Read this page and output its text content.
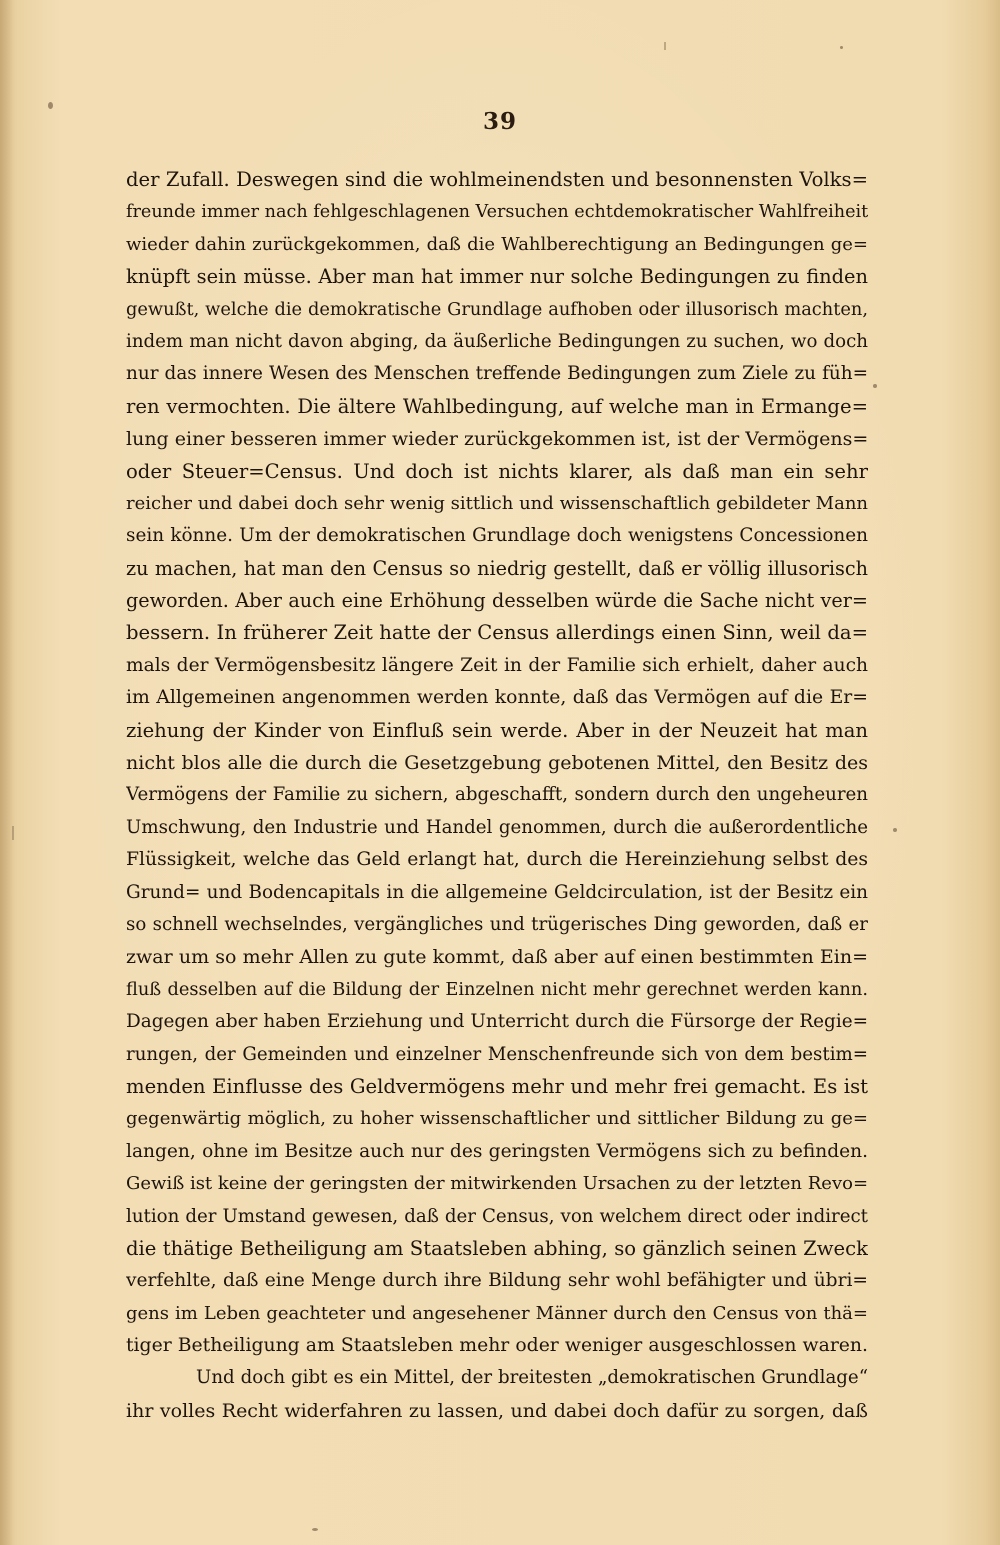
39
der Zufall. Deswegen sind die wohlmeinendsten und besonnensten Volks=
freunde immer nach fehlgeschlagenen Versuchen echtdemokratischer Wahlfreiheit
wieder dahin zurückgekommen, daß die Wahlberechtigung an Bedingungen ge=
knüpft sein müsse. Aber man hat immer nur solche Bedingungen zu finden
gewußt, welche die demokratische Grundlage aufhoben oder illusorisch machten,
indem man nicht davon abging, da äußerliche Bedingungen zu suchen, wo doch
nur das innere Wesen des Menschen treffende Bedingungen zum Ziele zu füh=
ren vermochten. Die ältere Wahlbedingung, auf welche man in Ermange=
lung einer besseren immer wieder zurückgekommen ist, ist der Vermögens=
oder Steuer=Census. Und doch ist nichts klarer, als daß man ein sehr
reicher und dabei doch sehr wenig sittlich und wissenschaftlich gebildeter Mann
sein könne. Um der demokratischen Grundlage doch wenigstens Concessionen
zu machen, hat man den Census so niedrig gestellt, daß er völlig illusorisch
geworden. Aber auch eine Erhöhung desselben würde die Sache nicht ver=
bessern. In früherer Zeit hatte der Census allerdings einen Sinn, weil da=
mals der Vermögensbesitz längere Zeit in der Familie sich erhielt, daher auch
im Allgemeinen angenommen werden konnte, daß das Vermögen auf die Er=
ziehung der Kinder von Einfluß sein werde. Aber in der Neuzeit hat man
nicht blos alle die durch die Gesetzgebung gebotenen Mittel, den Besitz des
Vermögens der Familie zu sichern, abgeschafft, sondern durch den ungeheuren
Umschwung, den Industrie und Handel genommen, durch die außerordentliche
Flüssigkeit, welche das Geld erlangt hat, durch die Hereinziehung selbst des
Grund= und Bodencapitals in die allgemeine Geldcirculation, ist der Besitz ein
so schnell wechselndes, vergängliches und trügerisches Ding geworden, daß er
zwar um so mehr Allen zu gute kommt, daß aber auf einen bestimmten Ein=
fluß desselben auf die Bildung der Einzelnen nicht mehr gerechnet werden kann.
Dagegen aber haben Erziehung und Unterricht durch die Fürsorge der Regie=
rungen, der Gemeinden und einzelner Menschenfreunde sich von dem bestim=
menden Einflusse des Geldvermögens mehr und mehr frei gemacht. Es ist
gegenwärtig möglich, zu hoher wissenschaftlicher und sittlicher Bildung zu ge=
langen, ohne im Besitze auch nur des geringsten Vermögens sich zu befinden.
Gewiß ist keine der geringsten der mitwirkenden Ursachen zu der letzten Revo=
lution der Umstand gewesen, daß der Census, von welchem direct oder indirect
die thätige Betheiligung am Staatsleben abhing, so gänzlich seinen Zweck
verfehlte, daß eine Menge durch ihre Bildung sehr wohl befähigter und übri=
gens im Leben geachteter und angesehener Männer durch den Census von thä=
tiger Betheiligung am Staatsleben mehr oder weniger ausgeschlossen waren.
Und doch gibt es ein Mittel, der breitesten „demokratischen Grundlage“
ihr volles Recht widerfahren zu lassen, und dabei doch dafür zu sorgen, daß
